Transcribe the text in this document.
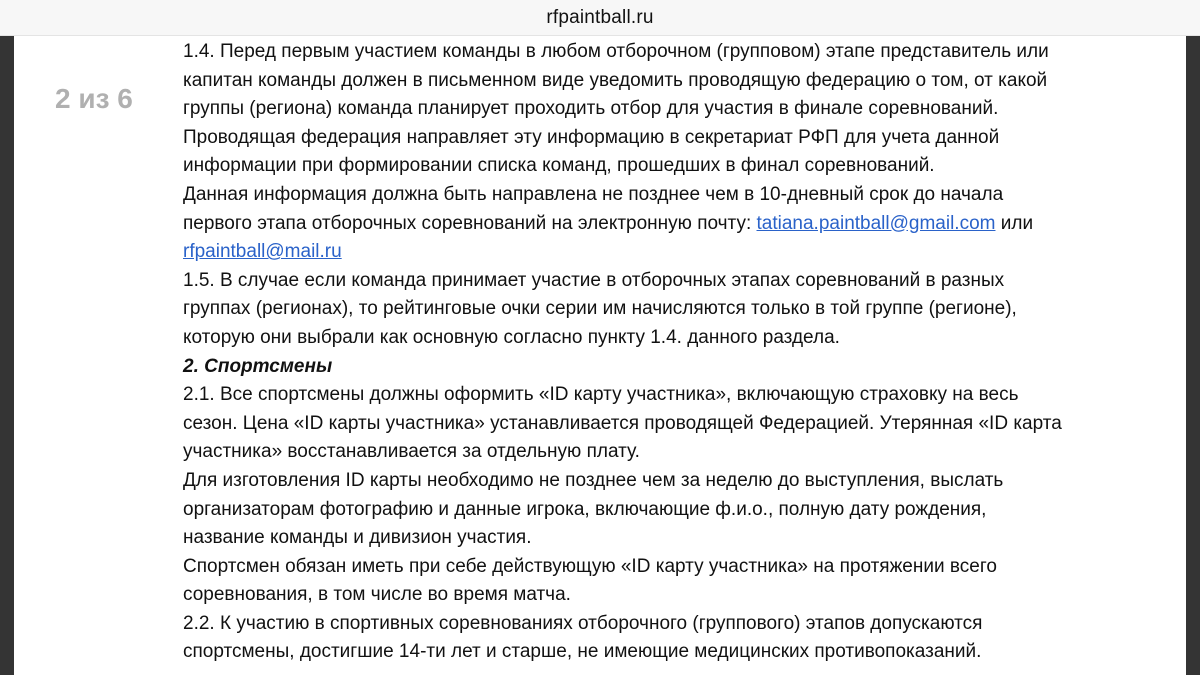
rfpaintball.ru
2 из 6
1.4. Перед первым участием команды в любом отборочном (групповом) этапе представитель или
капитан команды должен в письменном виде уведомить проводящую федерацию о том, от какой
группы (региона) команда планирует проходить отбор для участия в финале соревнований.
Проводящая федерация направляет эту информацию в секретариат РФП для учета данной
информации при формировании списка команд, прошедших в финал соревнований.
Данная информация должна быть направлена не позднее чем в 10-дневный срок до начала
первого этапа отборочных соревнований на электронную почту: tatiana.paintball@gmail.com или
rfpaintball@mail.ru
1.5. В случае если команда принимает участие в отборочных этапах соревнований в разных
группах (регионах), то рейтинговые очки серии им начисляются только в той группе (регионе),
которую они выбрали как основную согласно пункту 1.4. данного раздела.
2. Спортсмены
2.1. Все спортсмены должны оформить «ID карту участника», включающую страховку на весь
сезон. Цена «ID карты участника» устанавливается проводящей Федерацией. Утерянная «ID карта
участника» восстанавливается за отдельную плату.
Для изготовления ID карты необходимо не позднее чем за неделю до выступления, выслать
организаторам фотографию и данные игрока, включающие ф.и.о., полную дату рождения,
название команды и дивизион участия.
Спортсмен обязан иметь при себе действующую «ID карту участника» на протяжении всего
соревнования, в том числе во время матча.
2.2. К участию в спортивных соревнованиях отборочного (группового) этапов допускаются
спортсмены, достигшие 14-ти лет и старше, не имеющие медицинских противопоказаний.
